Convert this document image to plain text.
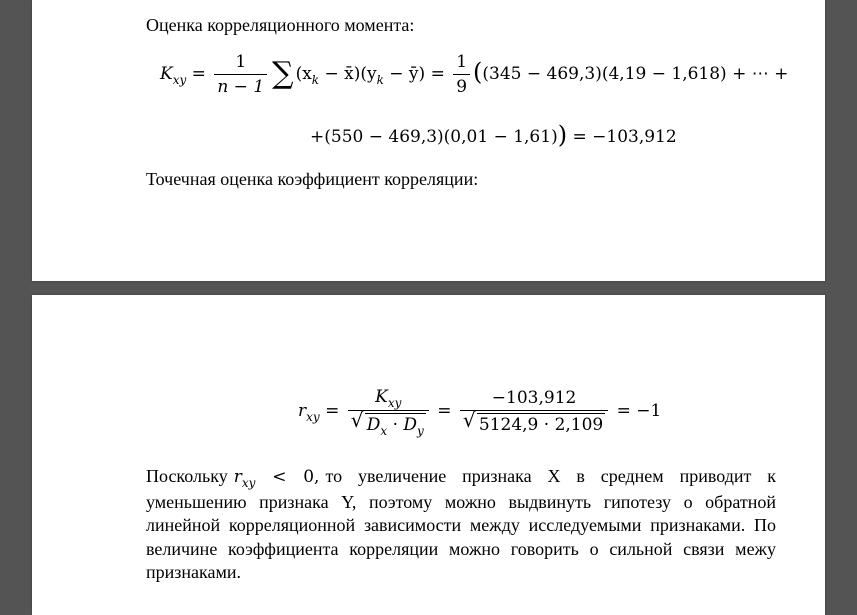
Оценка корреляционного момента:
$K_{xy} = \frac{1}{n - 1}$ ∑ ($x_k$ − $x̄)(y_k$ − ȳ) = $\frac{1}{9} ((345 - 469,3)(4,19 - 1,618)$ + ⋯ +
+(550 − 469,3)(0,01 − 1,61)) = −103,912
Точечная оценка коэффициент корреляции:
$r_{xy} = \frac{K_{xy}}{√ D_x \cdot D_y} = \frac{-103,912}{√ 5124,9 \cdot 2,109} = -1$
Поскольку $r_{xy} < 0$, то увеличение признака X в среднем приводит к уменьшению признака Y, поэтому можно выдвинуть гипотезу о обратной линейной корреляционной зависимости между исследуемыми признаками. По величине коэффициента корреляции можно говорить о сильной связи межу признаками.
